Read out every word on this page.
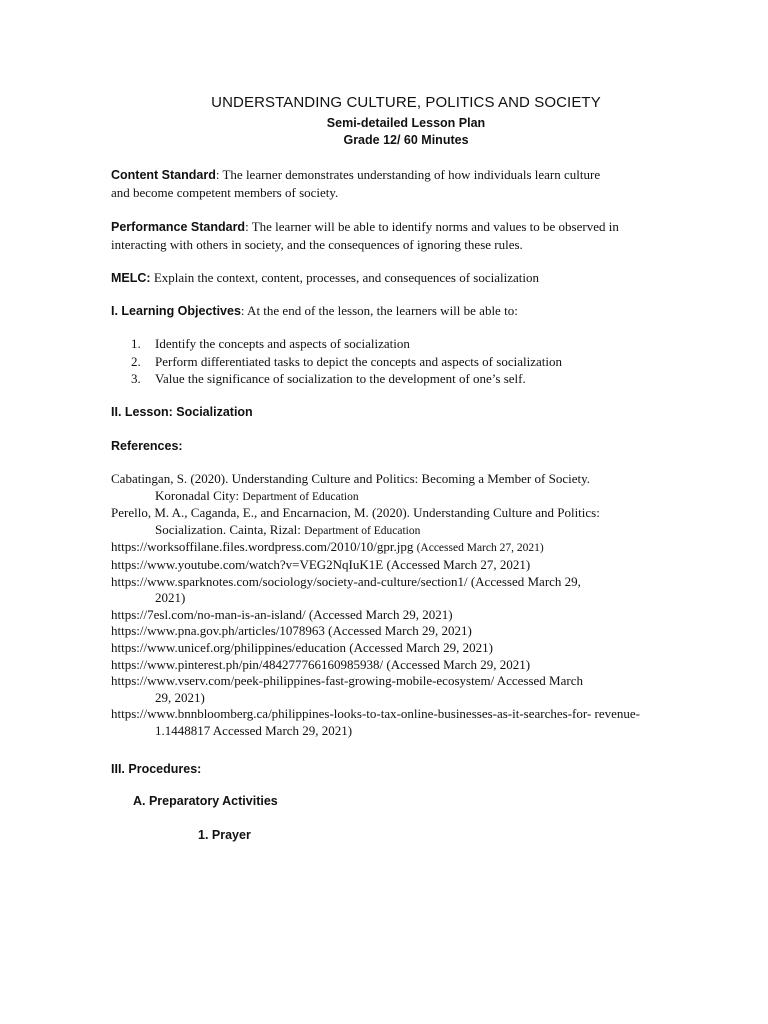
UNDERSTANDING CULTURE, POLITICS AND SOCIETY
Semi-detailed Lesson Plan
Grade 12/ 60 Minutes
Content Standard: The learner demonstrates understanding of how individuals learn culture
and become competent members of society.
Performance Standard: The learner will be able to identify norms and values to be observed in
interacting with others in society, and the consequences of ignoring these rules.
MELC: Explain the context, content, processes, and consequences of socialization
I. Learning Objectives: At the end of the lesson, the learners will be able to:
1.	Identify the concepts and aspects of socialization
2.	Perform differentiated tasks to depict the concepts and aspects of socialization
3.	Value the significance of socialization to the development of one’s self.
II. Lesson: Socialization
References:
Cabatingan, S. (2020). Understanding Culture and Politics: Becoming a Member of Society.
Koronadal City: Department of Education
Perello, M. A., Caganda, E., and Encarnacion, M. (2020). Understanding Culture and Politics:
Socialization. Cainta, Rizal: Department of Education
https://worksoffilane.files.wordpress.com/2010/10/gpr.jpg (Accessed March 27, 2021)
https://www.youtube.com/watch?v=VEG2NqIuK1E (Accessed March 27, 2021)
https://www.sparknotes.com/sociology/society-and-culture/section1/ (Accessed March 29,
2021)
https://7esl.com/no-man-is-an-island/ (Accessed March 29, 2021)
https://www.pna.gov.ph/articles/1078963 (Accessed March 29, 2021)
https://www.unicef.org/philippines/education (Accessed March 29, 2021)
https://www.pinterest.ph/pin/484277766160985938/ (Accessed March 29, 2021)
https://www.vserv.com/peek-philippines-fast-growing-mobile-ecosystem/ Accessed March
29, 2021)
https://www.bnnbloomberg.ca/philippines-looks-to-tax-online-businesses-as-it-searches-for- revenue-
1.1448817 Accessed March 29, 2021)
III. Procedures:
A. Preparatory Activities
1. Prayer
